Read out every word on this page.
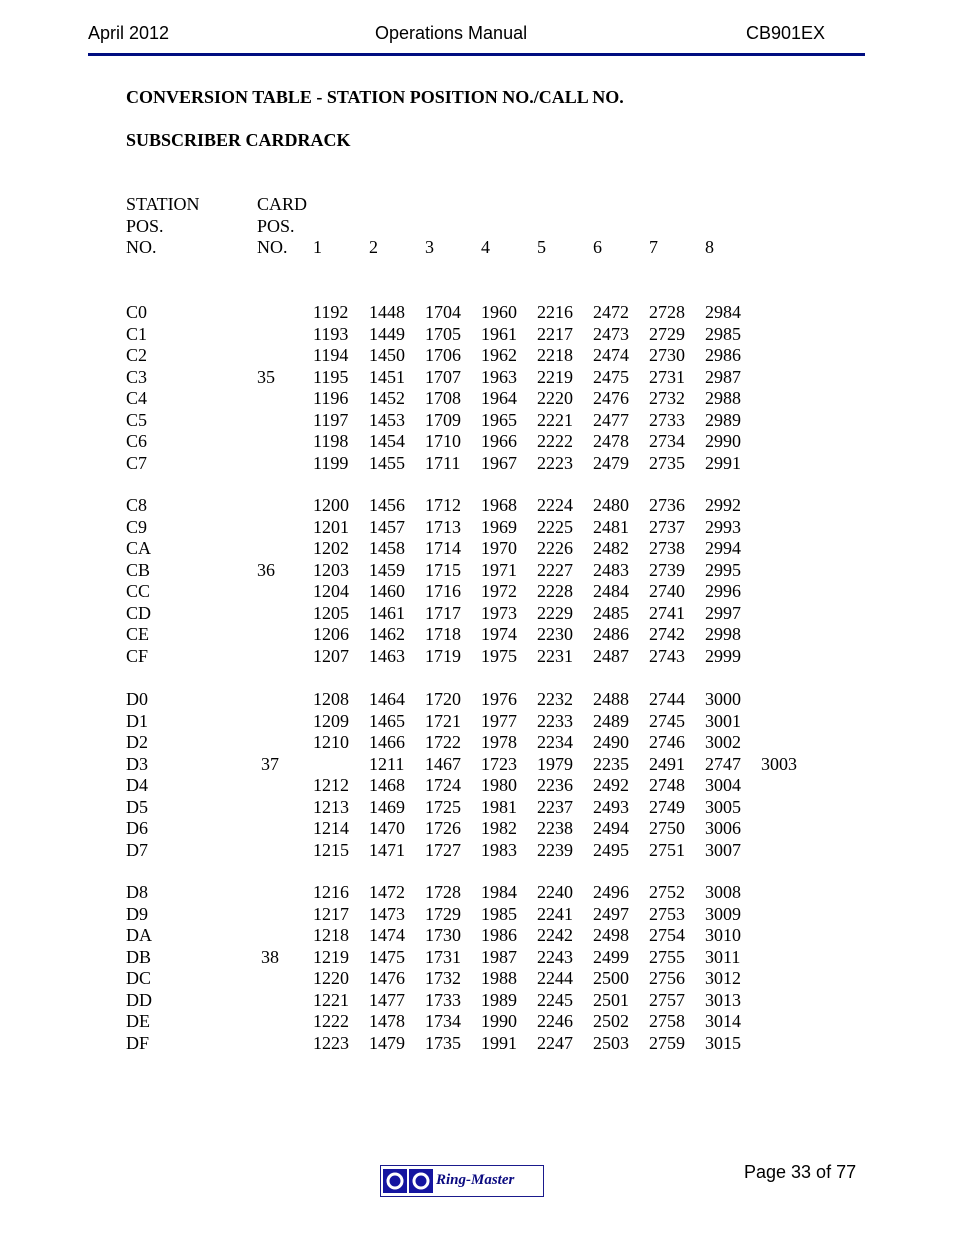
April 2012	Operations Manual	CB901EX
CONVERSION TABLE - STATION POSITION NO./CALL NO.
SUBSCRIBER CARDRACK
STATION
POS.
NO.
CARD
POS.
NO. 1	2	3	4	5	6	7	8
C0	1192 1448 1704 1960 2216 2472 2728 2984
C1	1193 1449 1705 1961 2217 2473 2729 2985
C2	1194 1450 1706 1962 2218 2474 2730 2986
C3	35 1195 1451 1707 1963 2219 2475 2731 2987
C4	1196 1452 1708 1964 2220 2476 2732 2988
C5	1197 1453 1709 1965 2221 2477 2733 2989
C6	1198 1454 1710 1966 2222 2478 2734 2990
C7	1199 1455 1711 1967 2223 2479 2735 2991
C8	1200 1456 1712 1968 2224 2480 2736 2992
C9	1201 1457 1713 1969 2225 2481 2737 2993
CA	1202 1458 1714 1970 2226 2482 2738 2994
CB	36 1203 1459 1715 1971 2227 2483 2739 2995
CC	1204 1460 1716 1972 2228 2484 2740 2996
CD	1205 1461 1717 1973 2229 2485 2741 2997
CE	1206 1462 1718 1974 2230 2486 2742 2998
CF	1207 1463 1719 1975 2231 2487 2743 2999
D0	1208 1464 1720 1976 2232 2488 2744 3000
D1	1209 1465 1721 1977 2233 2489 2745 3001
D2	1210 1466 1722 1978 2234 2490 2746 3002
D3	37	1211 1467 1723 1979 2235 2491 2747 3003
D4	1212 1468 1724 1980 2236 2492 2748 3004
D5	1213 1469 1725 1981 2237 2493 2749 3005
D6	1214 1470 1726 1982 2238 2494 2750 3006
D7	1215 1471 1727 1983 2239 2495 2751 3007
D8	1216 1472 1728 1984 2240 2496 2752 3008
D9	1217 1473 1729 1985 2241 2497 2753 3009
DA	1218 1474 1730 1986 2242 2498 2754 3010
DB	38 1219 1475 1731 1987 2243 2499 2755 3011
DC	1220 1476 1732 1988 2244 2500 2756 3012
DD	1221 1477 1733 1989 2245 2501 2757 3013
DE	1222 1478 1734 1990 2246 2502 2758 3014
DF	1223 1479 1735 1991 2247 2503 2759 3015
Ring-Master	Page 33 of 77
